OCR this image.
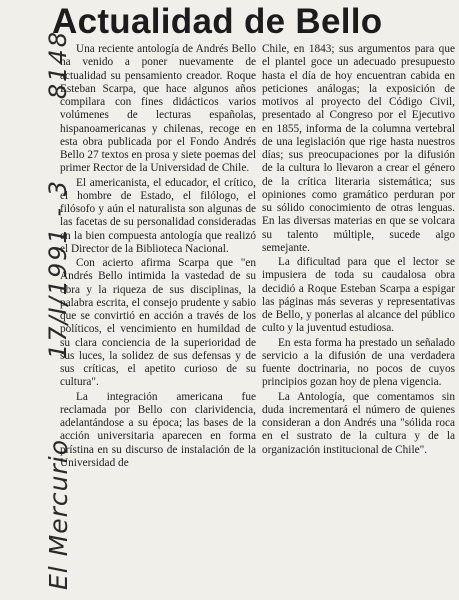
Actualidad de Bello
El Mercurio
17/I/1991 - 3
8148 Una reciente antología de Andrés Bello ha venido a poner nuevamente de actualidad su pensamiento creador. Roque Esteban Scarpa, que hace algunos años compilara con fines didácticos varios volúmenes de lecturas españolas, hispanoamericanas y chilenas, recoge en esta obra publicada por el Fondo Andrés Bello 27 textos en prosa y siete poemas del primer Rector de la Universidad de Chile.

El americanista, el educador, el crítico, el hombre de Estado, el filólogo, el filósofo y aún el naturalista son algunas de las facetas de su personalidad consideradas en la bien compuesta antología que realizó el Director de la Biblioteca Nacional.

Con acierto afirma Scarpa que "en Andrés Bello intimida la vastedad de su obra y la riqueza de sus disciplinas, la palabra escrita, el consejo prudente y sabio que se convirtió en acción a través de los políticos, el vencimiento en humildad de su clara conciencia de la superioridad de sus luces, la solidez de sus defensas y de sus críticas, el apetito curioso de su cultura".

La integración americana fue reclamada por Bello con clarividencia, adelantándose a su época; las bases de la acción universitaria aparecen en forma prístina en su discurso de instalación de la Universidad de

Chile, en 1843; sus argumentos para que el plantel goce un adecuado presupuesto hasta el día de hoy encuentran cabida en peticiones análogas; la exposición de motivos al proyecto del Código Civil, presentado al Congreso por el Ejecutivo en 1855, informa de la columna vertebral de una legislación que rige hasta nuestros días; sus preocupaciones por la difusión de la cultura lo llevaron a crear el género de la crítica literaria sistemática; sus opiniones como gramático perduran por su sólido conocimiento de otras lenguas. En las diversas materias en que se volcara su talento múltiple, sucede algo semejante.

La dificultad para que el lector se impusiera de toda su caudalosa obra decidió a Roque Esteban Scarpa a espigar las páginas más severas y representativas de Bello, y ponerlas al alcance del público culto y la juventud estudiosa.

En esta forma ha prestado un señalado servicio a la difusión de una verdadera fuente doctrinaria, no pocos de cuyos principios gozan hoy de plena vigencia.

La Antología, que comentamos sin duda incrementará el número de quienes consideran a don Andrés una "sólida roca en el sustrato de la cultura y de la organización institucional de Chile".
